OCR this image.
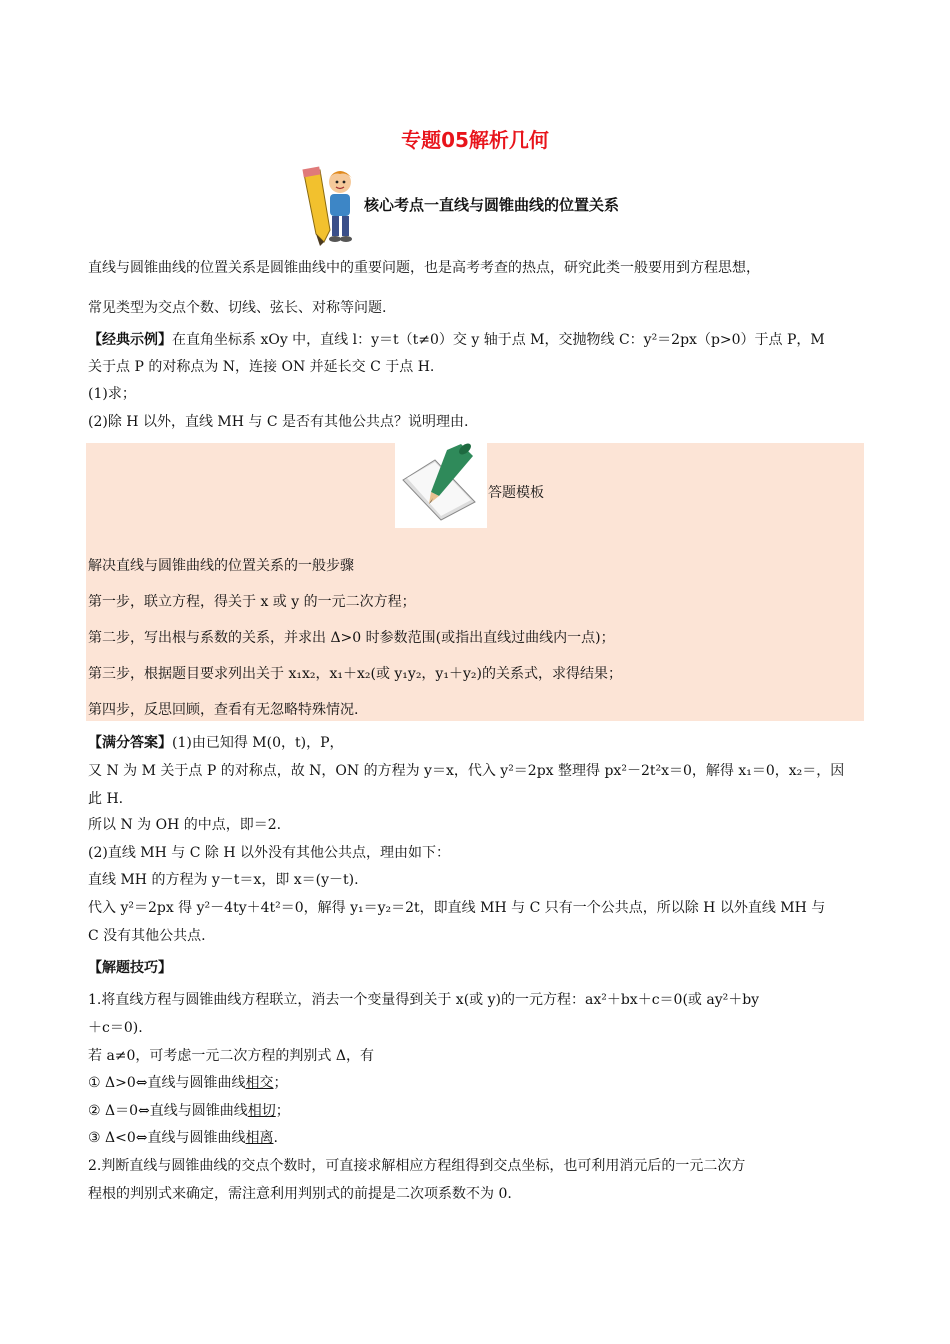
专题05解析几何
核心考点一直线与圆锥曲线的位置关系
直线与圆锥曲线的位置关系是圆锥曲线中的重要问题，也是高考考查的热点，研究此类一般要用到方程思想，
常见类型为交点个数、切线、弦长、对称等问题.
【经典示例】在直角坐标系 xOy 中，直线 l：y＝t（t≠0）交 y 轴于点 M，交抛物线 C：y²＝2px（p>0）于点 P，M
关于点 P 的对称点为 N，连接 ON 并延长交 C 于点 H.
(1)求；
(2)除 H 以外，直线 MH 与 C 是否有其他公共点？说明理由.
答题模板
解决直线与圆锥曲线的位置关系的一般步骤
第一步，联立方程，得关于 x 或 y 的一元二次方程；
第二步，写出根与系数的关系，并求出 Δ>0 时参数范围(或指出直线过曲线内一点)；
第三步，根据题目要求列出关于 x₁x₂，x₁＋x₂(或 y₁y₂，y₁＋y₂)的关系式，求得结果；
第四步，反思回顾，查看有无忽略特殊情况.
【满分答案】(1)由已知得 M(0，t)，P，
又 N 为 M 关于点 P 的对称点，故 N，ON 的方程为 y＝x，代入 y²＝2px 整理得 px²－2t²x＝0，解得 x₁＝0，x₂＝，因
此 H.
所以 N 为 OH 的中点，即＝2.
(2)直线 MH 与 C 除 H 以外没有其他公共点，理由如下：
直线 MH 的方程为 y－t＝x，即 x＝(y－t).
代入 y²＝2px 得 y²－4ty＋4t²＝0，解得 y₁＝y₂＝2t，即直线 MH 与 C 只有一个公共点，所以除 H 以外直线 MH 与
C 没有其他公共点.
【解题技巧】
1.将直线方程与圆锥曲线方程联立，消去一个变量得到关于 x(或 y)的一元方程：ax²＋bx＋c＝0(或 ay²＋by
＋c＝0).
若 a≠0，可考虑一元二次方程的判别式 Δ，有
① Δ>0⇔直线与圆锥曲线相交；
② Δ＝0⇔直线与圆锥曲线相切；
③ Δ<0⇔直线与圆锥曲线相离.
2.判断直线与圆锥曲线的交点个数时，可直接求解相应方程组得到交点坐标，也可利用消元后的一元二次方
程根的判别式来确定，需注意利用判别式的前提是二次项系数不为 0.
